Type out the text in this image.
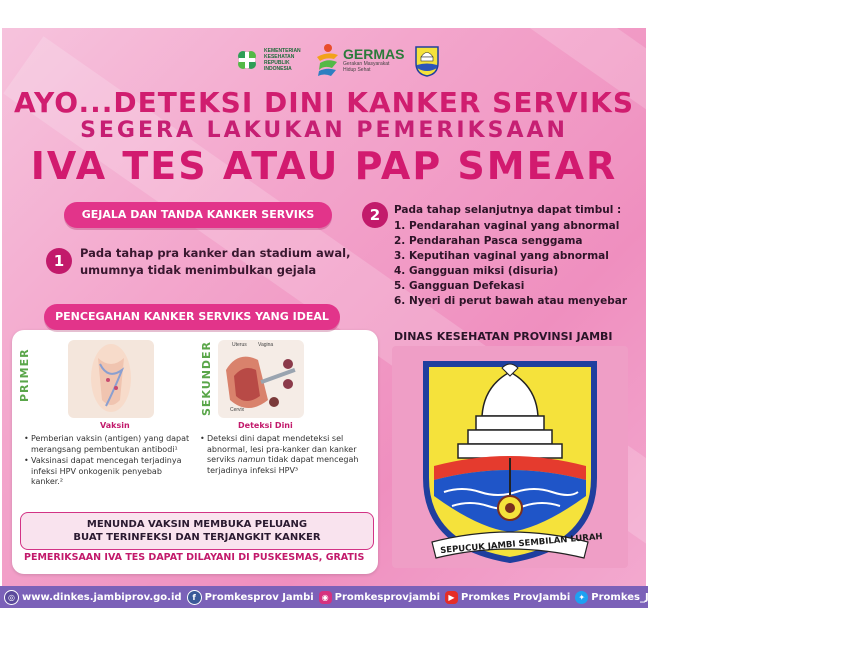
KEMENTERIAN
KESEHATAN
REPUBLIK
INDONESIA
GERMAS
Gerakan Masyarakat
Hidup Sehat
AYO...DETEKSI DINI KANKER SERVIKS
SEGERA LAKUKAN PEMERIKSAAN
IVA TES ATAU PAP SMEAR
GEJALA DAN TANDA KANKER SERVIKS
1	Pada tahap pra kanker dan stadium awal, umumnya tidak menimbulkan gejala
2	Pada tahap selanjutnya dapat timbul :
1. Pendarahan vaginal yang abnormal
2. Pendarahan Pasca senggama
3. Keputihan vaginal yang abnormal
4. Gangguan miksi (disuria)
5. Gangguan Defekasi
6. Nyeri di perut bawah atau menyebar
PENCEGAHAN KANKER SERVIKS YANG IDEAL
PRIMER
Vaksin
SEKUNDER	Uterus Vagina
Cervix
Deteksi Dini
• Pemberian vaksin (antigen) yang dapat merangsang pembentukan antibodi¹
• Vaksinasi dapat mencegah terjadinya infeksi HPV onkogenik penyebab kanker.²
• Deteksi dini dapat mendeteksi sel abnormal, lesi pra-kanker dan kanker serviks namun tidak dapat mencegah terjadinya infeksi HPV³
MENUNDA VAKSIN MEMBUKA PELUANG
BUAT TERINFEKSI DAN TERJANGKIT KANKER
PEMERIKSAAN IVA TES DAPAT DILAYANI DI PUSKESMAS, GRATIS
DINAS KESEHATAN PROVINSI JAMBI
SEPUCUK JAMBI SEMBILAN LURAH
◎ www.dinkes.jambiprov.go.id	f Promkesprov Jambi	◉ Promkesprovjambi	▶ Promkes ProvJambi	✦ Promkes_Jambi
